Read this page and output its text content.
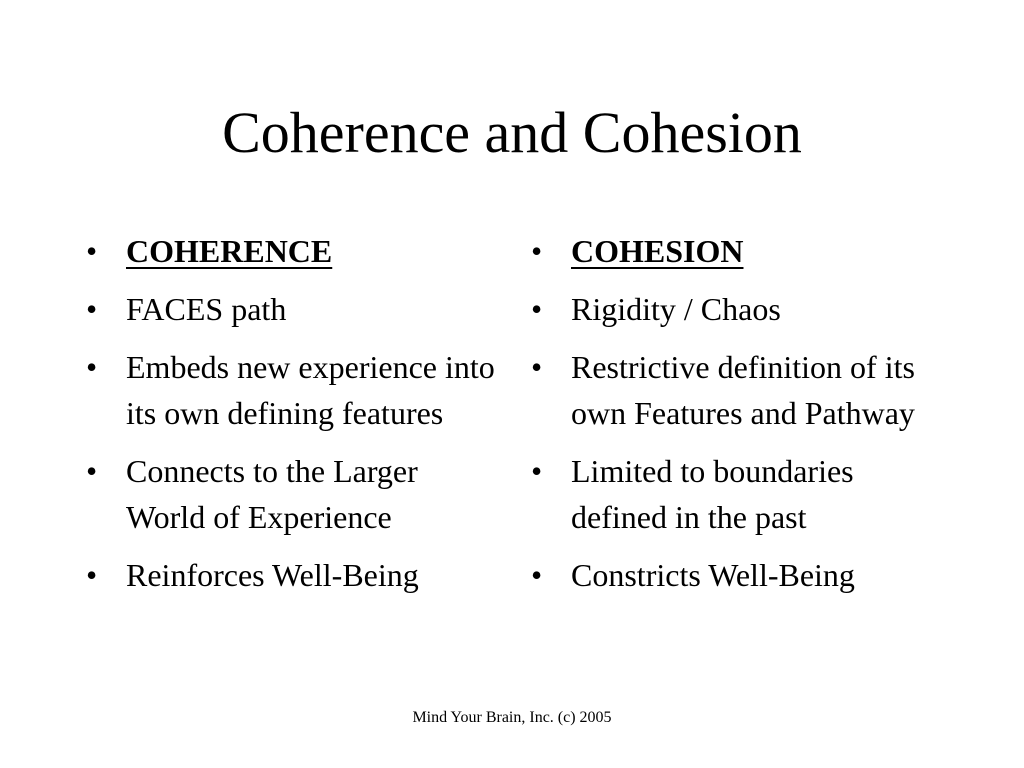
Coherence and Cohesion
• COHERENCE
• FACES path
• Embeds new experience into its own defining features
• Connects to the Larger World of Experience
• Reinforces Well-Being
• COHESION
• Rigidity / Chaos
• Restrictive definition of its own Features and Pathway
• Limited to boundaries defined in the past
• Constricts Well-Being
Mind Your Brain, Inc. (c) 2005
